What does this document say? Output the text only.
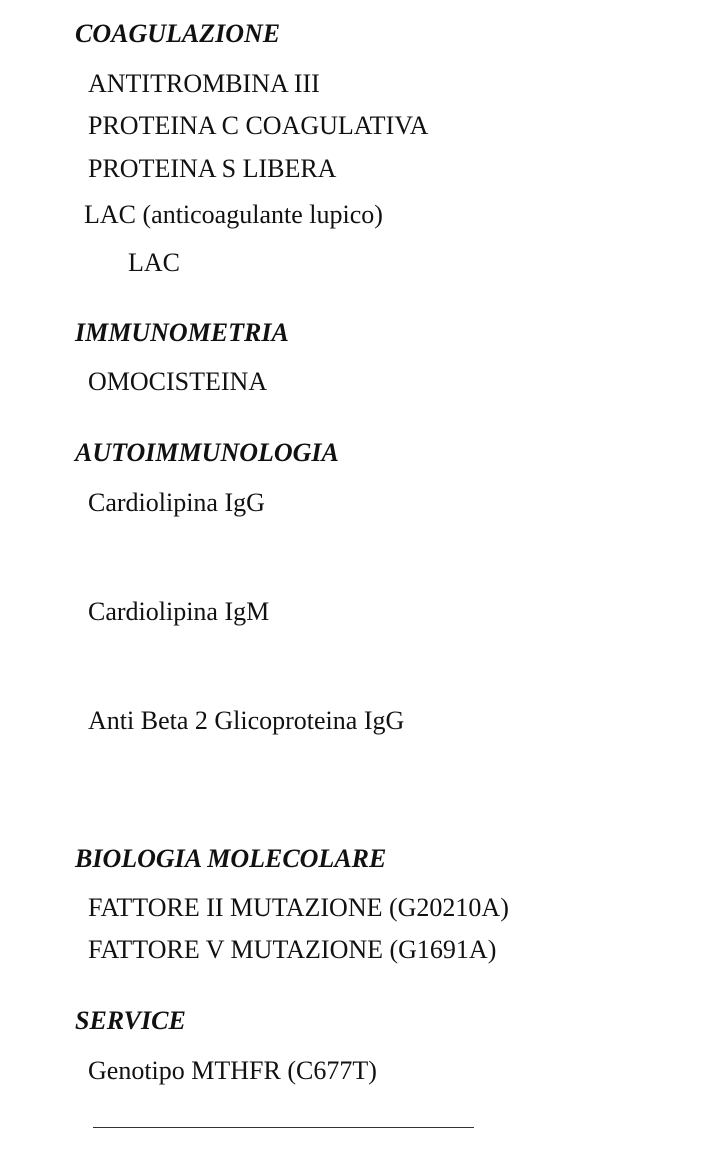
COAGULAZIONE
ANTITROMBINA III
PROTEINA C COAGULATIVA
PROTEINA S LIBERA
LAC (anticoagulante lupico)
LAC
IMMUNOMETRIA
OMOCISTEINA
AUTOIMMUNOLOGIA
Cardiolipina IgG
Cardiolipina IgM
Anti Beta 2 Glicoproteina IgG
BIOLOGIA MOLECOLARE
FATTORE II MUTAZIONE (G20210A)
FATTORE V MUTAZIONE (G1691A)
SERVICE
Genotipo MTHFR (C677T)
